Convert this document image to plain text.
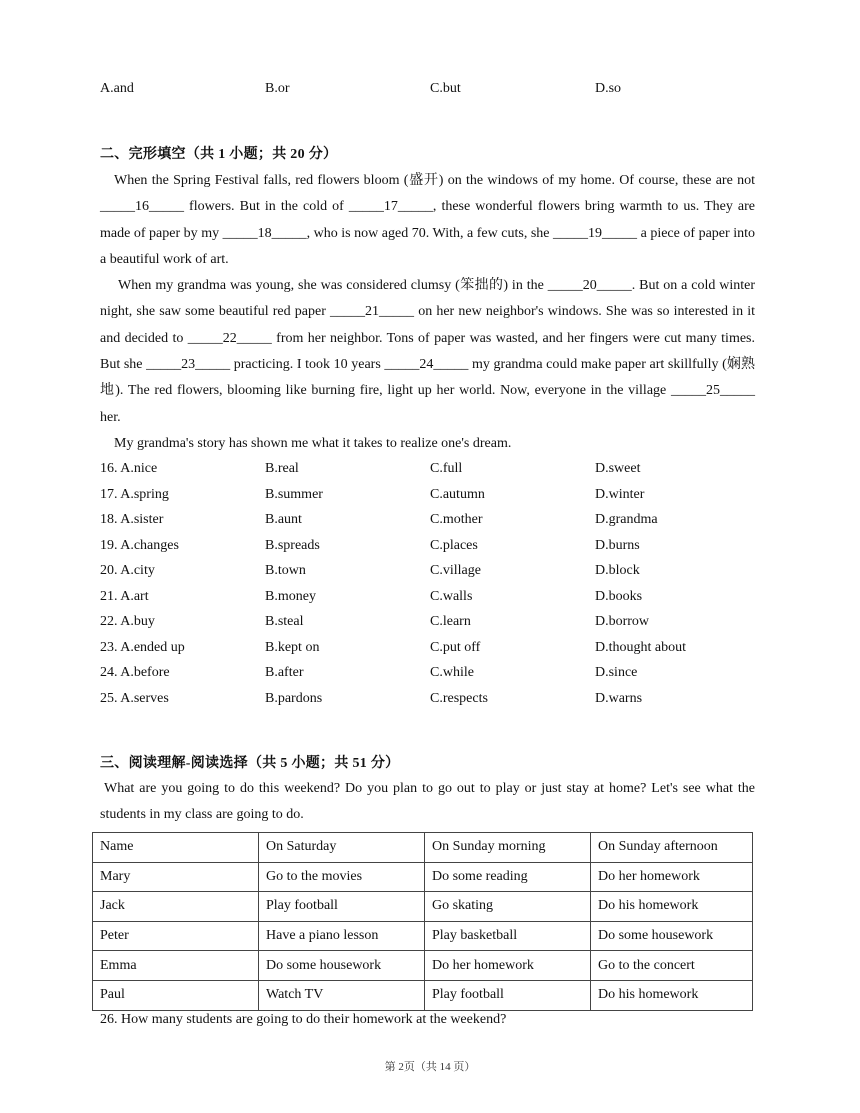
A.and	B.or	C.but	D.so
二、完形填空（共 1 小题；共 20 分）

When the Spring Festival falls, red flowers bloom (盛开) on the windows of my home. Of course, these are not _____16_____ flowers. But in the cold of _____17_____, these wonderful flowers bring warmth to us. They are made of paper by my _____18_____, who is now aged 70. With, a few cuts, she _____19_____ a piece of paper into a beautiful work of art.

When my grandma was young, she was considered clumsy (笨拙的) in the _____20_____. But on a cold winter night, she saw some beautiful red paper _____21_____ on her new neighbor's windows. She was so interested in it and decided to _____22_____ from her neighbor. Tons of paper was wasted, and her fingers were cut many times. But she _____23_____ practicing. I took 10 years _____24_____ my grandma could make paper art skillfully (娴熟地). The red flowers, blooming like burning fire, light up her world. Now, everyone in the village _____25_____ her.

My grandma's story has shown me what it takes to realize one's dream.

16. A.nice	B.real	C.full	D.sweet
17. A.spring	B.summer	C.autumn	D.winter
18. A.sister	B.aunt	C.mother	D.grandma
19. A.changes	B.spreads	C.places	D.burns
20. A.city	B.town	C.village	D.block
21. A.art	B.money	C.walls	D.books
22. A.buy	B.steal	C.learn	D.borrow
23. A.ended up	B.kept on	C.put off	D.thought about
24. A.before	B.after	C.while	D.since
25. A.serves	B.pardons	C.respects	D.warns
三、阅读理解-阅读选择（共 5 小题；共 51 分）

What are you going to do this weekend? Do you plan to go out to play or just stay at home? Let's see what the students in my class are going to do.

Name	On Saturday	On Sunday morning	On Sunday afternoon
Mary	Go to the movies	Do some reading	Do her homework
Jack	Play football	Go skating	Do his homework
Peter	Have a piano lesson	Play basketball	Do some housework
Emma	Do some housework	Do her homework	Go to the concert
Paul	Watch TV	Play football	Do his homework
26. How many students are going to do their homework at the weekend?
第 2页（共 14 页）
